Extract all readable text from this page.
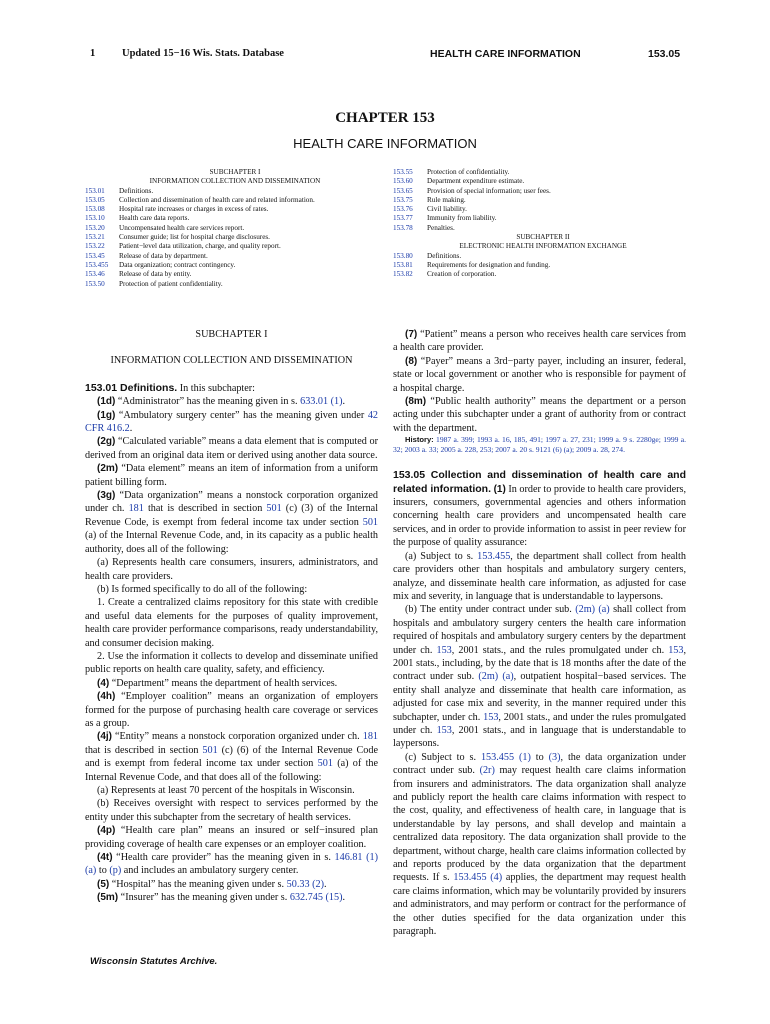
1	Updated 15−16 Wis. Stats. Database	HEALTH CARE INFORMATION	153.05
CHAPTER 153
HEALTH CARE INFORMATION
SUBCHAPTER I
INFORMATION COLLECTION AND DISSEMINATION
153.01	Definitions.
153.05	Collection and dissemination of health care and related information.
153.08	Hospital rate increases or charges in excess of rates.
153.10	Health care data reports.
153.20	Uncompensated health care services report.
153.21	Consumer guide; list for hospital charge disclosures.
153.22	Patient−level data utilization, charge, and quality report.
153.45	Release of data by department.
153.455	Data organization; contract contingency.
153.46	Release of data by entity.
153.50	Protection of patient confidentiality.
153.55	Protection of confidentiality.
153.60	Department expenditure estimate.
153.65	Provision of special information; user fees.
153.75	Rule making.
153.76	Civil liability.
153.77	Immunity from liability.
153.78	Penalties.
SUBCHAPTER II
ELECTRONIC HEALTH INFORMATION EXCHANGE
153.80	Definitions.
153.81	Requirements for designation and funding.
153.82	Creation of corporation.

SUBCHAPTER I

INFORMATION COLLECTION AND DISSEMINATION

153.01 Definitions. In this subchapter:

(1d) “Administrator” has the meaning given in s. 633.01 (1).

(1g) “Ambulatory surgery center” has the meaning given under 42 CFR 416.2.

(2g) “Calculated variable” means a data element that is computed or derived from an original data item or derived using another data source.

(2m) “Data element” means an item of information from a uniform patient billing form.

(3g) “Data organization” means a nonstock corporation organized under ch. 181 that is described in section 501 (c) (3) of the Internal Revenue Code, is exempt from federal income tax under section 501 (a) of the Internal Revenue Code, and, in its capacity as a public health authority, does all of the following:

(a) Represents health care consumers, insurers, administrators, and health care providers.

(b) Is formed specifically to do all of the following:

1. Create a centralized claims repository for this state with credible and useful data elements for the purposes of quality improvement, health care provider performance comparisons, ready understandability, and consumer decision making.

2. Use the information it collects to develop and disseminate unified public reports on health care quality, safety, and efficiency.

(4) “Department” means the department of health services.

(4h) “Employer coalition” means an organization of employers formed for the purpose of purchasing health care coverage or services as a group.

(4j) “Entity” means a nonstock corporation organized under ch. 181 that is described in section 501 (c) (6) of the Internal Revenue Code and is exempt from federal income tax under section 501 (a) of the Internal Revenue Code, and that does all of the following:

(a) Represents at least 70 percent of the hospitals in Wisconsin.

(b) Receives oversight with respect to services performed by the entity under this subchapter from the secretary of health services.

(4p) “Health care plan” means an insured or self−insured plan providing coverage of health care expenses or an employer coalition.

(4t) “Health care provider” has the meaning given in s. 146.81 (1) (a) to (p) and includes an ambulatory surgery center.

(5) “Hospital” has the meaning given under s. 50.33 (2).

(5m) “Insurer” has the meaning given under s. 632.745 (15).

(7) “Patient” means a person who receives health care services from a health care provider.

(8) “Payer” means a 3rd−party payer, including an insurer, federal, state or local government or another who is responsible for payment of a hospital charge.

(8m) “Public health authority” means the department or a person acting under this subchapter under a grant of authority from or contract with the department.

History: 1987 a. 399; 1993 a. 16, 185, 491; 1997 a. 27, 231; 1999 a. 9 s. 2280ge; 1999 a. 32; 2003 a. 33; 2005 a. 228, 253; 2007 a. 20 s. 9121 (6) (a); 2009 a. 28, 274.

153.05 Collection and dissemination of health care and related information. (1) In order to provide to health care providers, insurers, consumers, governmental agencies and others information concerning health care providers and uncompensated health care services, and in order to provide information to assist in peer review for the purpose of quality assurance:

(a) Subject to s. 153.455, the department shall collect from health care providers other than hospitals and ambulatory surgery centers, analyze, and disseminate health care information, as adjusted for case mix and severity, in language that is understandable to laypersons.

(b) The entity under contract under sub. (2m) (a) shall collect from hospitals and ambulatory surgery centers the health care information required of hospitals and ambulatory surgery centers by the department under ch. 153, 2001 stats., and the rules promulgated under ch. 153, 2001 stats., including, by the date that is 18 months after the date of the contract under sub. (2m) (a), outpatient hospital−based services. The entity shall analyze and disseminate that health care information, as adjusted for case mix and severity, in the manner required under this subchapter, under ch. 153, 2001 stats., and under the rules promulgated under ch. 153, 2001 stats., and in language that is understandable to laypersons.

(c) Subject to s. 153.455 (1) to (3), the data organization under contract under sub. (2r) may request health care claims information from insurers and administrators. The data organization shall analyze and publicly report the health care claims information with respect to the cost, quality, and effectiveness of health care, in language that is understandable by lay persons, and shall develop and maintain a centralized data repository. The data organization shall provide to the department, without charge, health care claims information collected by and reports produced by the data organization that the department requests. If s. 153.455 (4) applies, the department may request health care claims information, which may be voluntarily provided by insurers and administrators, and may perform or contract for the performance of the other duties specified for the data organization under this paragraph.

Wisconsin Statutes Archive.
